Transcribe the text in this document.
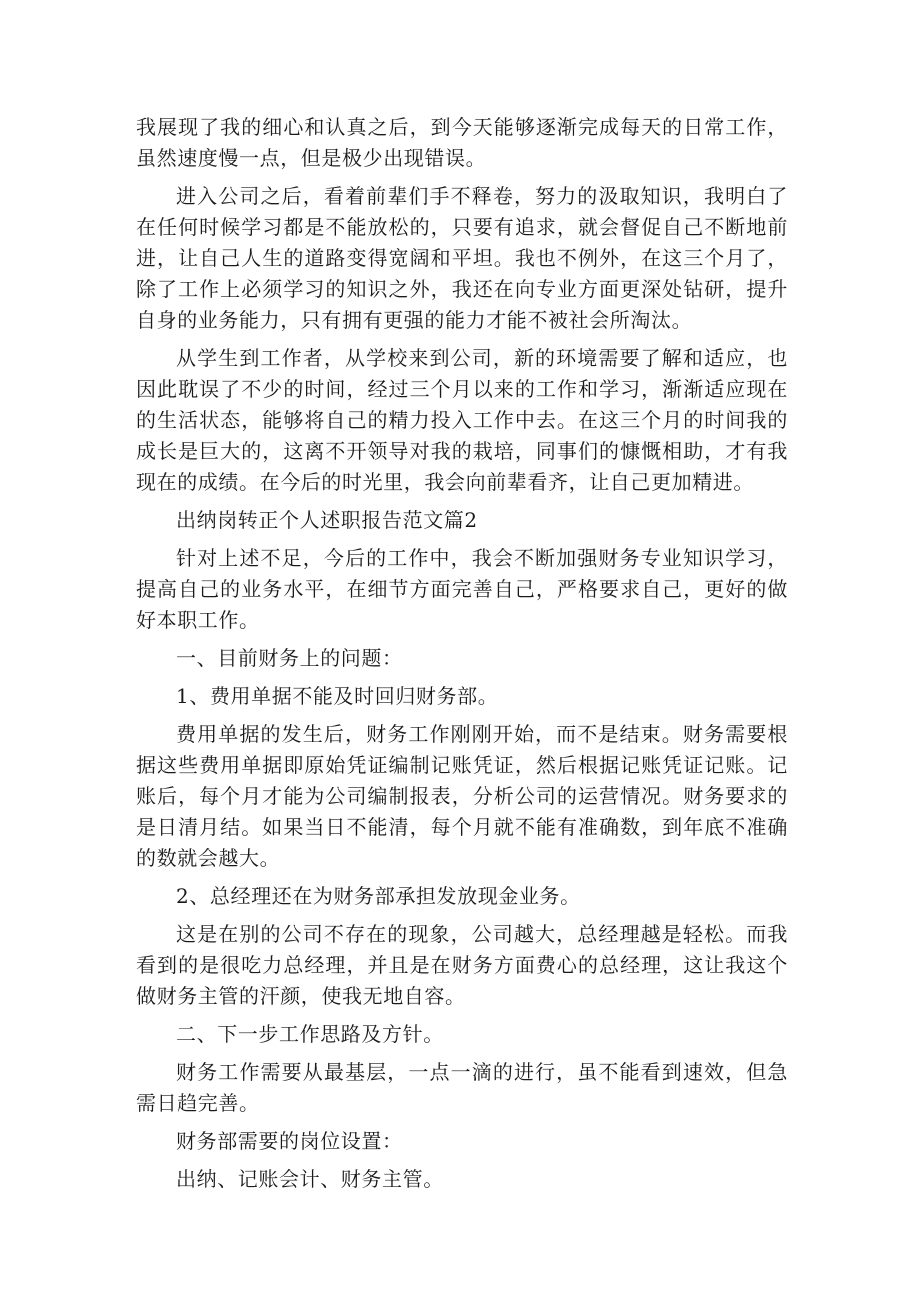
我展现了我的细心和认真之后，到今天能够逐渐完成每天的日常工作，虽然速度慢一点，但是极少出现错误。

进入公司之后，看着前辈们手不释卷，努力的汲取知识，我明白了在任何时候学习都是不能放松的，只要有追求，就会督促自己不断地前进，让自己人生的道路变得宽阔和平坦。我也不例外，在这三个月了，除了工作上必须学习的知识之外，我还在向专业方面更深处钻研，提升自身的业务能力，只有拥有更强的能力才能不被社会所淘汰。

从学生到工作者，从学校来到公司，新的环境需要了解和适应，也因此耽误了不少的时间，经过三个月以来的工作和学习，渐渐适应现在的生活状态，能够将自己的精力投入工作中去。在这三个月的时间我的成长是巨大的，这离不开领导对我的栽培，同事们的慷慨相助，才有我现在的成绩。在今后的时光里，我会向前辈看齐，让自己更加精进。

出纳岗转正个人述职报告范文篇2

针对上述不足，今后的工作中，我会不断加强财务专业知识学习，提高自己的业务水平，在细节方面完善自己，严格要求自己，更好的做好本职工作。

一、目前财务上的问题：

1、费用单据不能及时回归财务部。

费用单据的发生后，财务工作刚刚开始，而不是结束。财务需要根据这些费用单据即原始凭证编制记账凭证，然后根据记账凭证记账。记账后，每个月才能为公司编制报表，分析公司的运营情况。财务要求的是日清月结。如果当日不能清，每个月就不能有准确数，到年底不准确的数就会越大。

2、总经理还在为财务部承担发放现金业务。

这是在别的公司不存在的现象，公司越大，总经理越是轻松。而我看到的是很吃力总经理，并且是在财务方面费心的总经理，这让我这个做财务主管的汗颜，使我无地自容。

二、下一步工作思路及方针。

财务工作需要从最基层，一点一滴的进行，虽不能看到速效，但急需日趋完善。

财务部需要的岗位设置：

出纳、记账会计、财务主管。
